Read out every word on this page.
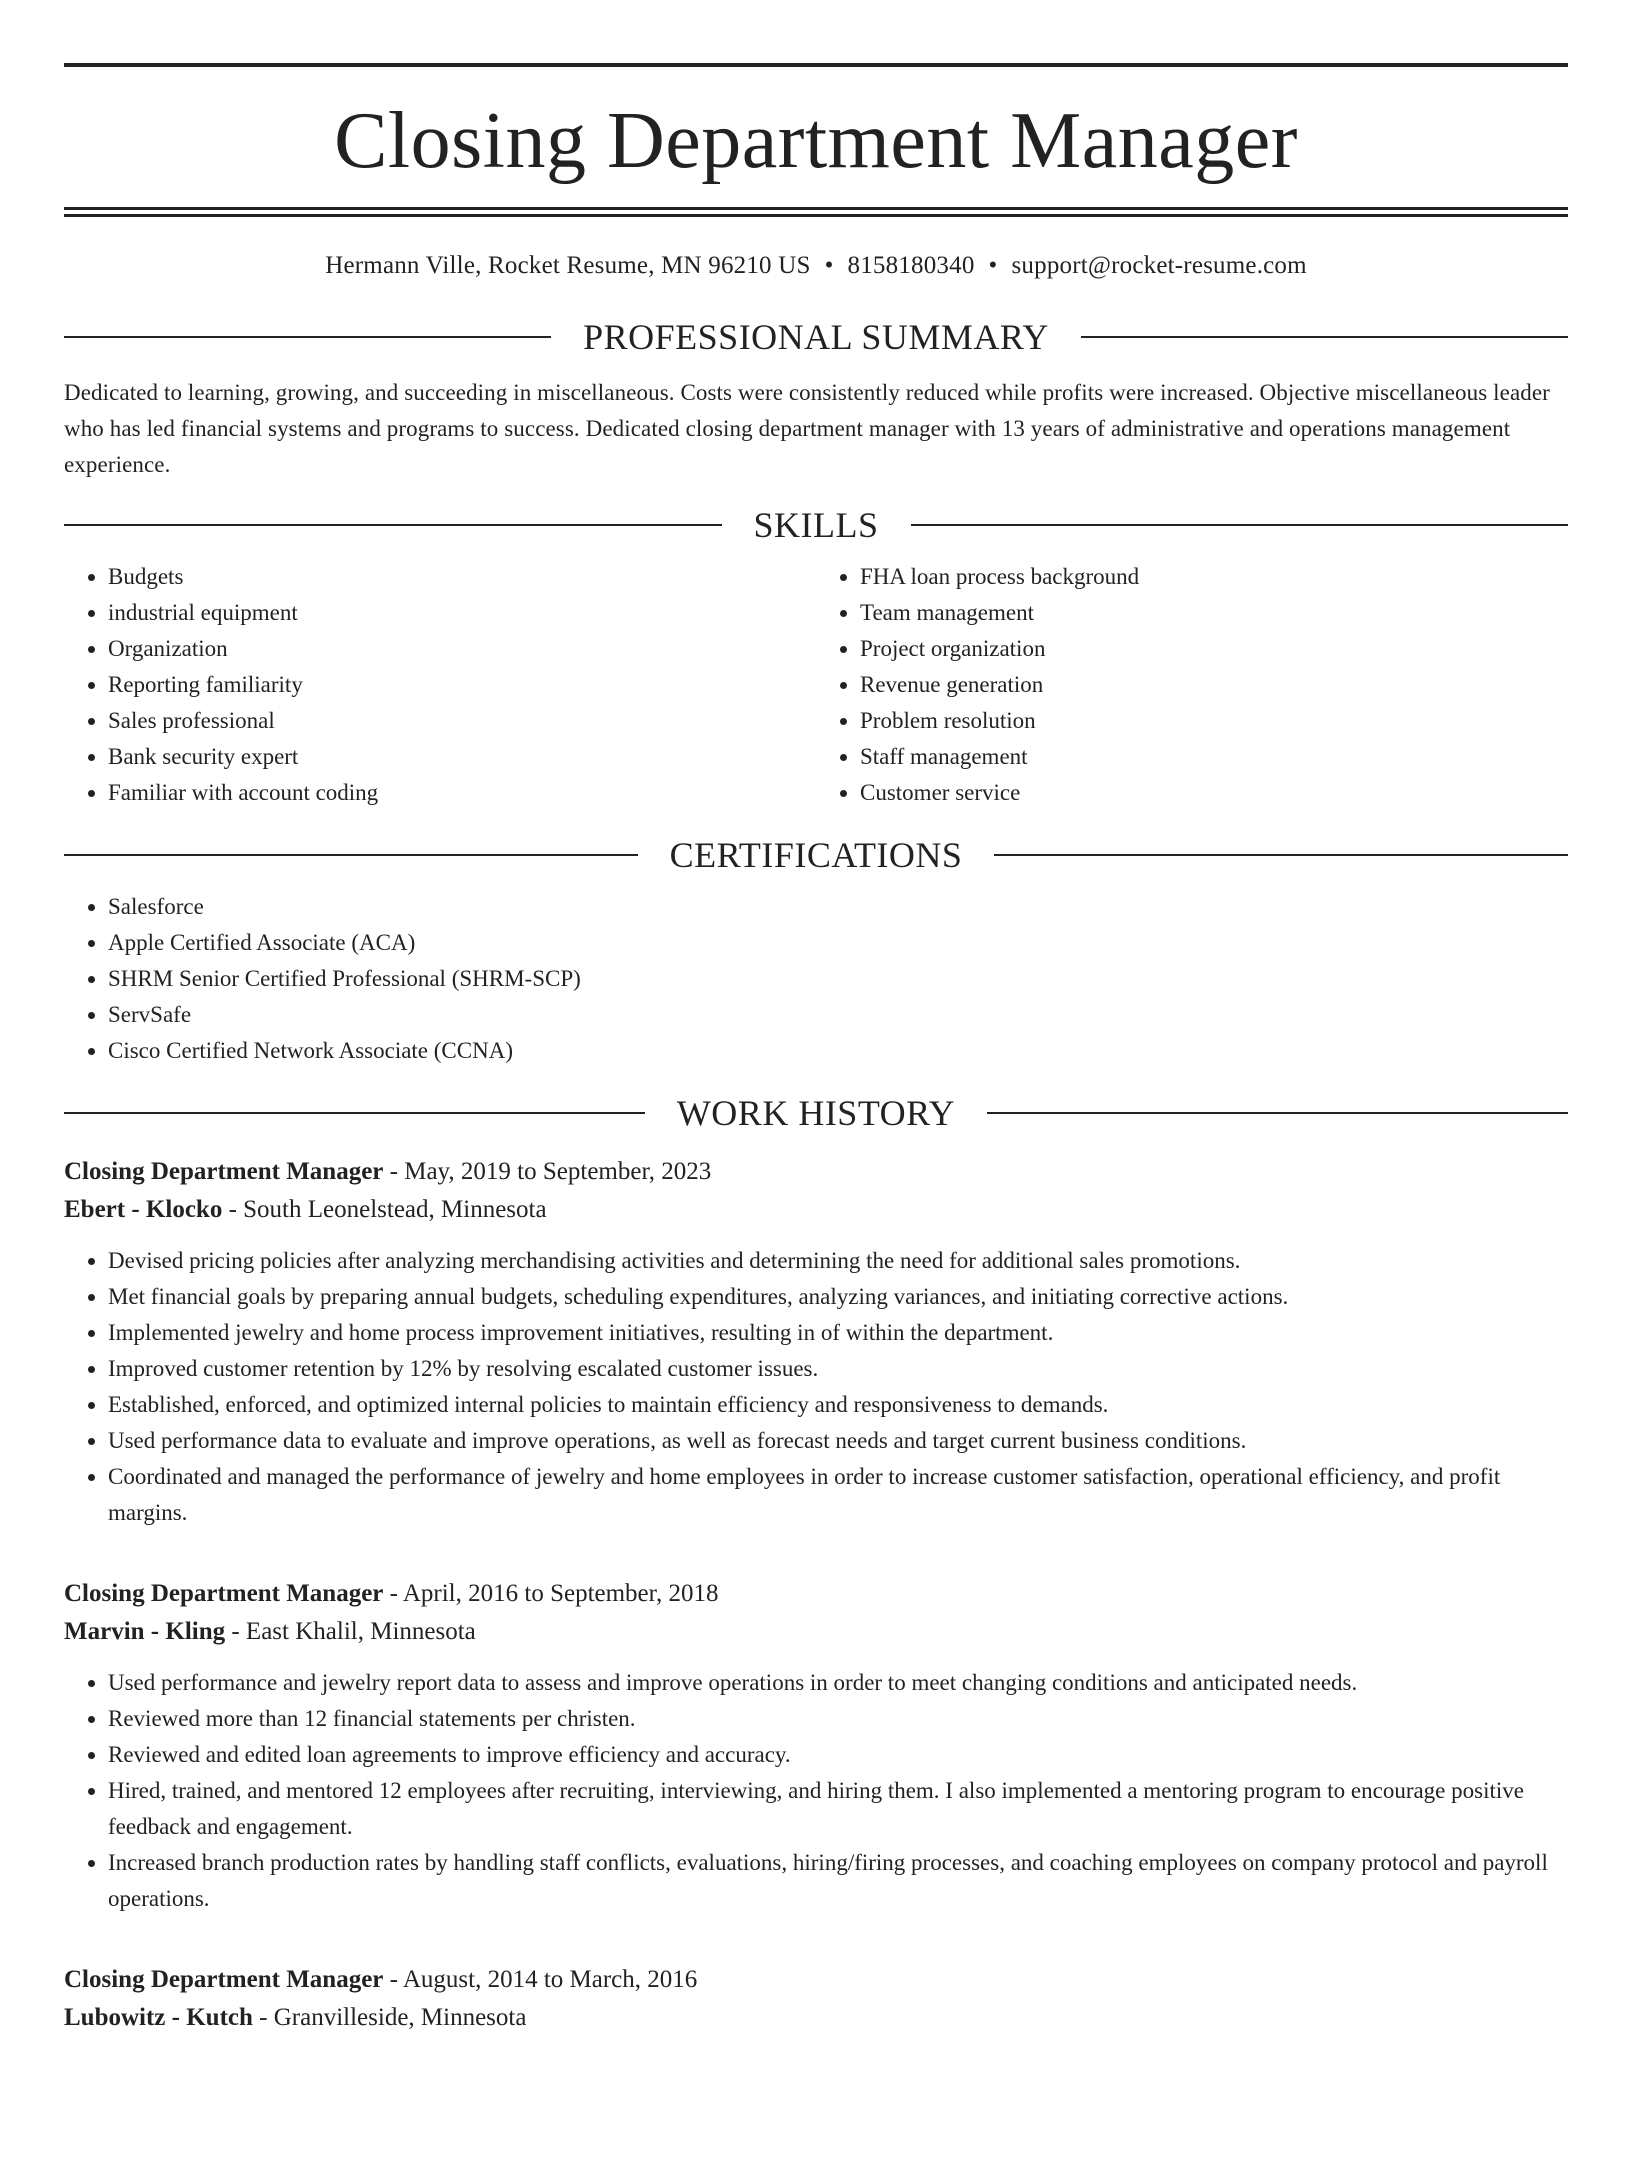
Closing Department Manager
Hermann Ville, Rocket Resume, MN 96210 US • 8158180340 • support@rocket-resume.com
PROFESSIONAL SUMMARY
Dedicated to learning, growing, and succeeding in miscellaneous. Costs were consistently reduced while profits were increased. Objective miscellaneous leader who has led financial systems and programs to success. Dedicated closing department manager with 13 years of administrative and operations management experience.
SKILLS
• Budgets
• industrial equipment
• Organization
• Reporting familiarity
• Sales professional
• Bank security expert
• Familiar with account coding
• FHA loan process background
• Team management
• Project organization
• Revenue generation
• Problem resolution
• Staff management
• Customer service
CERTIFICATIONS
• Salesforce
• Apple Certified Associate (ACA)
• SHRM Senior Certified Professional (SHRM-SCP)
• ServSafe
• Cisco Certified Network Associate (CCNA)
WORK HISTORY
Closing Department Manager - May, 2019 to September, 2023
Ebert - Klocko - South Leonelstead, Minnesota
• Devised pricing policies after analyzing merchandising activities and determining the need for additional sales promotions.
• Met financial goals by preparing annual budgets, scheduling expenditures, analyzing variances, and initiating corrective actions.
• Implemented jewelry and home process improvement initiatives, resulting in of within the department.
• Improved customer retention by 12% by resolving escalated customer issues.
• Established, enforced, and optimized internal policies to maintain efficiency and responsiveness to demands.
• Used performance data to evaluate and improve operations, as well as forecast needs and target current business conditions.
• Coordinated and managed the performance of jewelry and home employees in order to increase customer satisfaction, operational efficiency, and profit margins.
Closing Department Manager - April, 2016 to September, 2018
Marvin - Kling - East Khalil, Minnesota
• Used performance and jewelry report data to assess and improve operations in order to meet changing conditions and anticipated needs.
• Reviewed more than 12 financial statements per christen.
• Reviewed and edited loan agreements to improve efficiency and accuracy.
• Hired, trained, and mentored 12 employees after recruiting, interviewing, and hiring them. I also implemented a mentoring program to encourage positive feedback and engagement.
• Increased branch production rates by handling staff conflicts, evaluations, hiring/firing processes, and coaching employees on company protocol and payroll operations.
Closing Department Manager - August, 2014 to March, 2016
Lubowitz - Kutch - Granvilleside, Minnesota
